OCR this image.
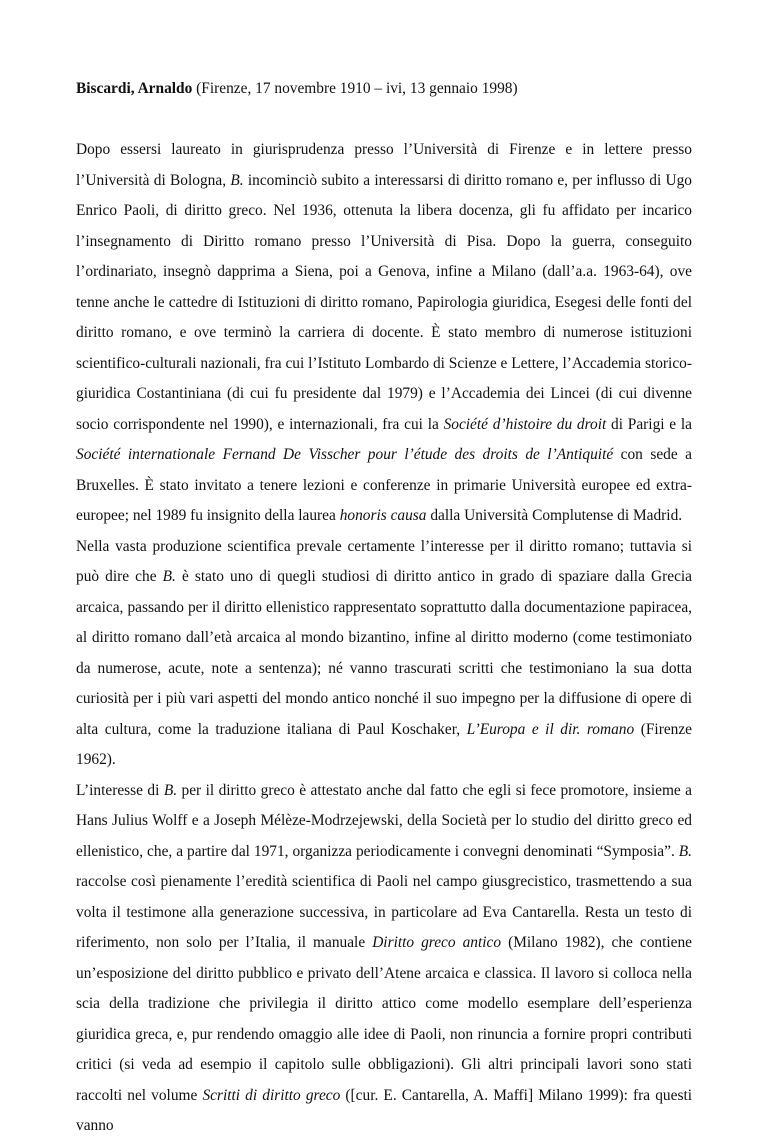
Biscardi, Arnaldo (Firenze, 17 novembre 1910 – ivi, 13 gennaio 1998)

Dopo essersi laureato in giurisprudenza presso l’Università di Firenze e in lettere presso l’Università di Bologna, B. incominciò subito a interessarsi di diritto romano e, per influsso di Ugo Enrico Paoli, di diritto greco. Nel 1936, ottenuta la libera docenza, gli fu affidato per incarico l’insegnamento di Diritto romano presso l’Università di Pisa. Dopo la guerra, conseguito l’ordinariato, insegnò dapprima a Siena, poi a Genova, infine a Milano (dall’a.a. 1963-64), ove tenne anche le cattedre di Istituzioni di diritto romano, Papirologia giuridica, Esegesi delle fonti del diritto romano, e ove terminò la carriera di docente. È stato membro di numerose istituzioni scientifico-culturali nazionali, fra cui l’Istituto Lombardo di Scienze e Lettere, l’Accademia storico-giuridica Costantiniana (di cui fu presidente dal 1979) e l’Accademia dei Lincei (di cui divenne socio corrispondente nel 1990), e internazionali, fra cui la Société d’histoire du droit di Parigi e la Société internationale Fernand De Visscher pour l’étude des droits de l’Antiquité con sede a Bruxelles. È stato invitato a tenere lezioni e conferenze in primarie Università europee ed extra-europee; nel 1989 fu insignito della laurea honoris causa dalla Università Complutense di Madrid.

Nella vasta produzione scientifica prevale certamente l’interesse per il diritto romano; tuttavia si può dire che B. è stato uno di quegli studiosi di diritto antico in grado di spaziare dalla Grecia arcaica, passando per il diritto ellenistico rappresentato soprattutto dalla documentazione papiracea, al diritto romano dall’età arcaica al mondo bizantino, infine al diritto moderno (come testimoniato da numerose, acute, note a sentenza); né vanno trascurati scritti che testimoniano la sua dotta curiosità per i più vari aspetti del mondo antico nonché il suo impegno per la diffusione di opere di alta cultura, come la traduzione italiana di Paul Koschaker, L’Europa e il dir. romano (Firenze 1962).

L’interesse di B. per il diritto greco è attestato anche dal fatto che egli si fece promotore, insieme a Hans Julius Wolff e a Joseph Mélèze-Modrzejewski, della Società per lo studio del diritto greco ed ellenistico, che, a partire dal 1971, organizza periodicamente i convegni denominati “Symposia”. B. raccolse così pienamente l’eredità scientifica di Paoli nel campo giusgrecistico, trasmettendo a sua volta il testimone alla generazione successiva, in particolare ad Eva Cantarella. Resta un testo di riferimento, non solo per l’Italia, il manuale Diritto greco antico (Milano 1982), che contiene un’esposizione del diritto pubblico e privato dell’Atene arcaica e classica. Il lavoro si colloca nella scia della tradizione che privilegia il diritto attico come modello esemplare dell’esperienza giuridica greca, e, pur rendendo omaggio alle idee di Paoli, non rinuncia a fornire propri contributi critici (si veda ad esempio il capitolo sulle obbligazioni). Gli altri principali lavori sono stati raccolti nel volume Scritti di diritto greco ([cur. E. Cantarella, A. Maffi] Milano 1999): fra questi vanno
